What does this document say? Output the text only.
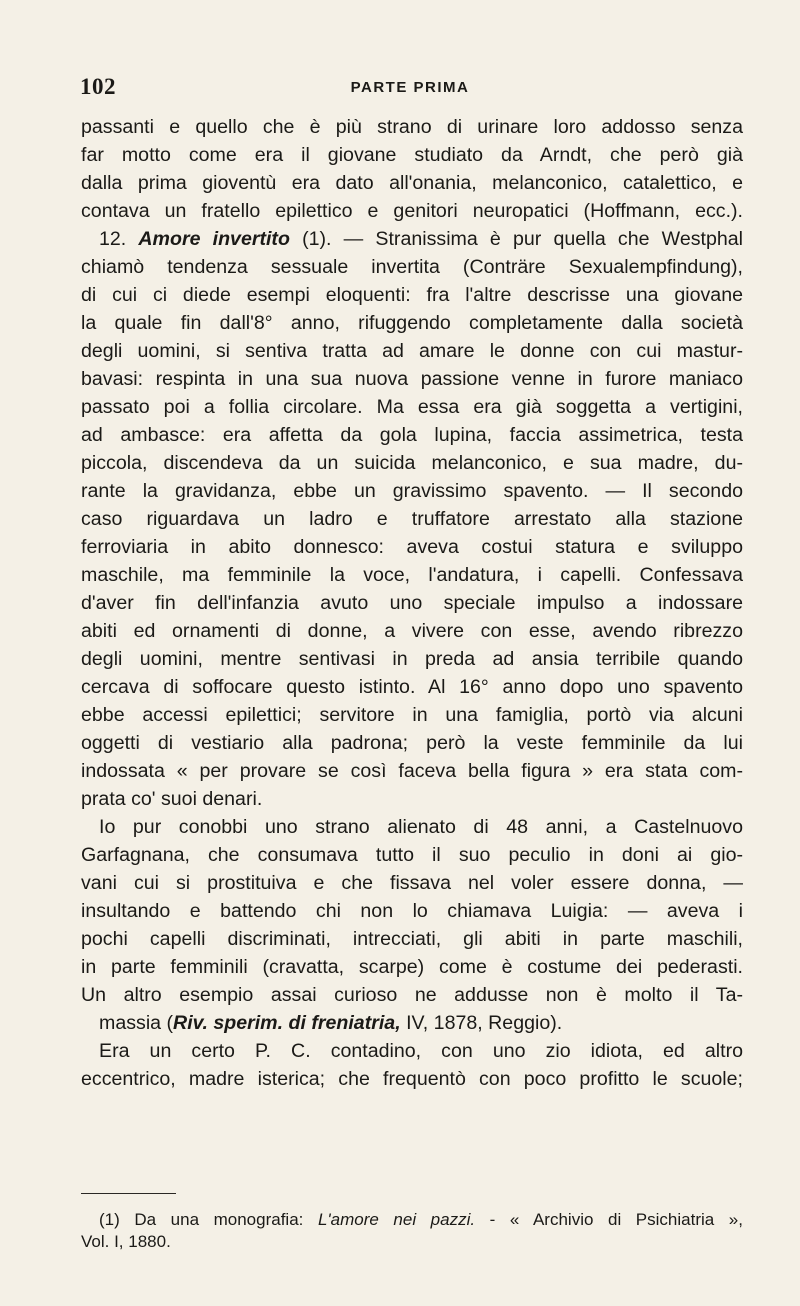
102	PARTE PRIMA
passanti e quello che è più strano di urinare loro addosso senza
far motto come era il giovane studiato da Arndt, che però già
dalla prima gioventù era dato all'onania, melanconico, catalettico, e
contava un fratello epilettico e genitori neuropatici (Hoffmann, ecc.).
12. Amore invertito (1). — Stranissima è pur quella che Westphal
chiamò tendenza sessuale invertita (Conträre Sexualempfindung),
di cui ci diede esempi eloquenti: fra l'altre descrisse una giovane
la quale fin dall'8° anno, rifuggendo completamente dalla società
degli uomini, si sentiva tratta ad amare le donne con cui mastur-
bavasi: respinta in una sua nuova passione venne in furore maniaco
passato poi a follia circolare. Ma essa era già soggetta a vertigini,
ad ambasce: era affetta da gola lupina, faccia assimetrica, testa
piccola, discendeva da un suicida melanconico, e sua madre, du-
rante la gravidanza, ebbe un gravissimo spavento. — Il secondo
caso riguardava un ladro e truffatore arrestato alla stazione
ferroviaria in abito donnesco: aveva costui statura e sviluppo
maschile, ma femminile la voce, l'andatura, i capelli. Confessava
d'aver fin dell'infanzia avuto uno speciale impulso a indossare
abiti ed ornamenti di donne, a vivere con esse, avendo ribrezzo
degli uomini, mentre sentivasi in preda ad ansia terribile quando
cercava di soffocare questo istinto. Al 16° anno dopo uno spavento
ebbe accessi epilettici; servitore in una famiglia, portò via alcuni
oggetti di vestiario alla padrona; però la veste femminile da lui
indossata « per provare se così faceva bella figura » era stata com-
prata co' suoi denari.
Io pur conobbi uno strano alienato di 48 anni, a Castelnuovo
Garfagnana, che consumava tutto il suo peculio in doni ai gio-
vani cui si prostituiva e che fissava nel voler essere donna, —
insultando e battendo chi non lo chiamava Luigia: — aveva i
pochi capelli discriminati, intrecciati, gli abiti in parte maschili,
in parte femminili (cravatta, scarpe) come è costume dei pederasti.
Un altro esempio assai curioso ne addusse non è molto il Ta-
massia (Riv. sperim. di freniatria, IV, 1878, Reggio).
Era un certo P. C. contadino, con uno zio idiota, ed altro
eccentrico, madre isterica; che frequentò con poco profitto le scuole;
(1) Da una monografia: L'amore nei pazzi. - « Archivio di Psichiatria »,
Vol. I, 1880.
